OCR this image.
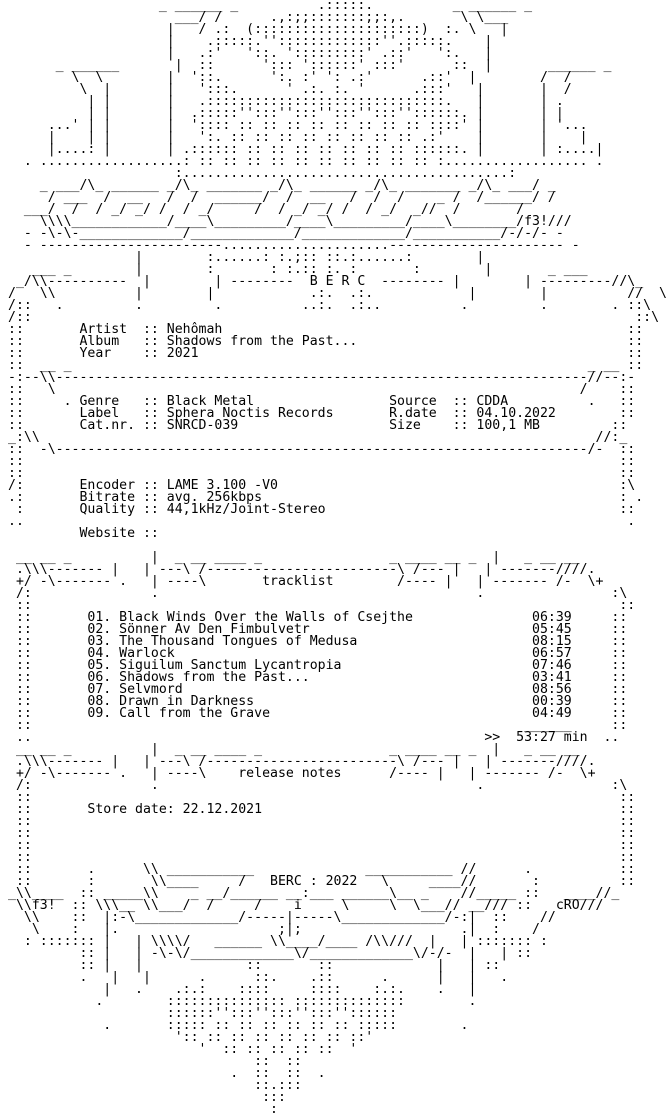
_ ______ _          .:::::.          _ ______ _
___/ /      .,:;;:::::::;;:,.       \ \___
|   / .:  (:::::::::::::::::::::)  :. \   |
|    .:::::.'':::::::::::::''.:::::.    |
|   .:'   '::. ':::::::::' .::'   ':.   |
_ ______       |  ::      '::: '::::::' :::'      ::  |       ______ _
\  \        |  '::.      ':. :' ': .:'      .::'  |        /  /
\  |       |   ':::.      ' .:. :. '      .:::'   |       |  /
| |       |   .::::::::::::::::::::::::::::::.   |       | .
| |       |  .:::::'':::'':::'':::'':::''::::::. |       | |
...' | |       |  ':::: :: :: :: :: :: :: :: :: ::::' |       | '...
|    | |       |   ':. :: :: :: :: :: :: :: :: .:'    |       |    |
|....: |       | .:::::: :: :: :: :: :: :: :: ::::::. |       | :....|
. ..................: :: :: :: :: :: :: :: :: :: :: :.................. .
:.........................................:
_ ___/\_ ______ _/\_ _______ _/\_ ______ _/\_ _______ _/\_ ___/ _
/ ___  /  __   /  /  ______/  /  __   /  /  /    _ /  /______/ /
___/  /  / _/ _/ /  / _/     /  / _/ _/ /  / _/  _//  /       /
\\\\____________/____\_________/____\_________/____\________/f3!///
- -\-\-_____________/_____________/_____________/___________/-/-/- -
- -----------------------.....................---------------------- -
|        :......: :.;:: ::.:......:        |
___ _        |        :       : :.:: :. :       :        |       _ ___
_/\\----------  |        | --------  B E R C  -------- |        | ---------//\_
/   \\          |        |            .:.  .:.            |        |          //  \
/::   .         .         .          ..:.  .:..          .         .        . ::\
/::                                                                            ::\
::       Artist  :: Nehômah                                                   ::
::       Album   :: Shadows from the Past...                                  ::
::       Year    :: 2021                                                      ::
::  __ _                                                                 _ __ ::
-:--\\-------------------------------------------------------------------//--:-
::   \                                                                  /    ::
::     . Genre   :: Black Metal                 Source  :: CDDA          .   ::
::       Label   :: Sphera Noctis Records       R.date  :: 04.10.2022        ::
::       Cat.nr. :: SNRCD-039                   Size    :: 100,1 MB         ::
_:\\                                                                      //:_
::  -\-------------------------------------------------------------------/-  ::
::                                                                           ::
::                                                                           ::
/:       Encoder :: LAME 3.100 -V0                                           :\
.:       Bitrate :: avg. 256kbps                                             : .
:       Quality :: 44,1kHz/Joint-Stereo                                     ::
..                                                                            .
Website ::
__ __ _          |  _ __ ____ _                _ ____ __ _  |   _ __ __
.\\\------- |   | ---\ /------------------------\ /--- |   | -------////.
+/ -\------- .   | ----\       tracklist        /---- |   | ------- /-  \+
/:               .                                        .                :\
::                                                                          ::
::       01. Black Winds Over the Walls of Csejthe               06:39     ::
::       02. Sönner Av Den Fimbulvetr                            05:45     ::
::       03. The Thousand Tongues of Medusa                      08:15     ::
::       04. Warlock                                             06:57     ::
::       05. Siguilum Sanctum Lycantropia                        07:46     ::
::       06. Shadows from the Past...                            03:41     ::
::       07. Selvmord                                            08:56     ::
::       08. Drawn in Darkness                                   00:39     ::
::       09. Call from the Grave                                 04:49     ::
::                                                              ______     ::
..                                                         >>  53:27 min  ..
__ __ _          |  _ __ ____ _                _ ____ __ _  |   _ __ __
.\\\------- |   | ---\ /------------------------\ /--- |   | -------////.
+/ -\------- .   | ----\    release notes      /---- |   | ------- /-  \+
/:               .                                        .                :\
::                                                                          ::
::       Store date: 22.12.2021                                             ::
::                                                                          ::
::                                                                          ::
::                                                                          ::
::                                                                          ::
::       .      \\ ___________              ___________ //      .           ::
::       :       \\____     /   BERC : 2022   \     ____//       :          ::
_\\____  :: _____\\    _ __/______ __:___ ______\__ _    //_____ ::   ____//_
\\f3!  :: \\\__ \\___/  /     /    i     \     \  \___// __/// ::   cRO///
\\    ::  |:-\_____________/-----|-----\_____________/-:|  ::    //
\    :   |.                    ;|;                    .|  :    /
: ::::::: |   | \\\\/   ______ \\____/____ /\\///  |   | ::::::: :
:: |   | -\-\/_____________\/_____________\/-/-  |   | ::
:: |   |             ::       ::             |   | ::
.   |   |      .      ::.    .::      .      |   |   .
|   .    .:.:    ::::     ::::    :.:.    .   |
.        ::::::::::::::: ::::::::::::::        .
::::::'':::'':::'':::''::::::
.       ::::: :: :: :: :: :: :: :::::        .
':: :: :: :: :: :: :: ::'
'  :: :: :: :: ::  '
::  ::
.  ::  ::  .
::.:::
:::
:
